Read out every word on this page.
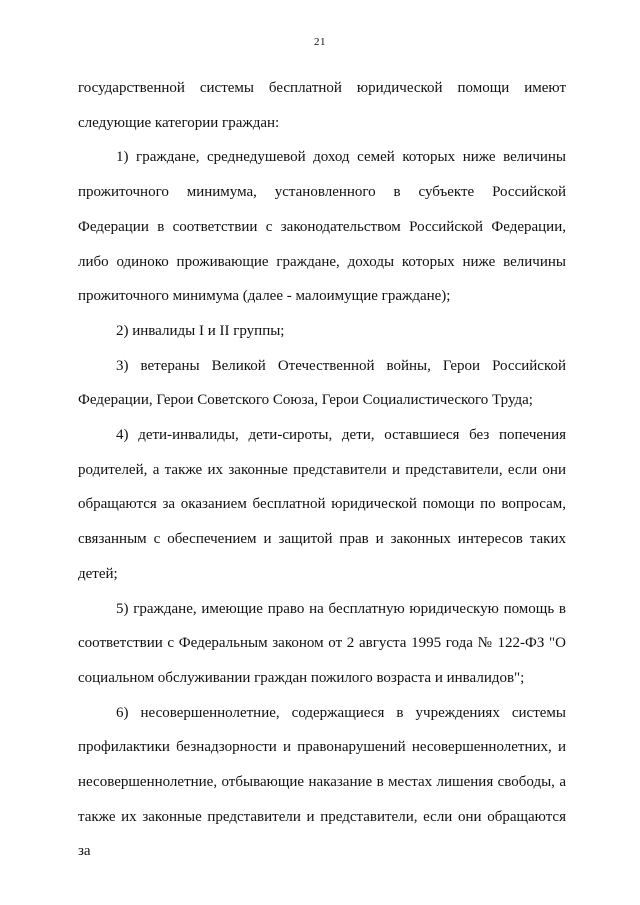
21

государственной системы бесплатной юридической помощи имеют следующие категории граждан:

1) граждане, среднедушевой доход семей которых ниже величины прожиточного минимума, установленного в субъекте Российской Федерации в соответствии с законодательством Российской Федерации, либо одиноко проживающие граждане, доходы которых ниже величины прожиточного минимума (далее - малоимущие граждане);

2) инвалиды I и II группы;

3) ветераны Великой Отечественной войны, Герои Российской Федерации, Герои Советского Союза, Герои Социалистического Труда;

4) дети-инвалиды, дети-сироты, дети, оставшиеся без попечения родителей, а также их законные представители и представители, если они обращаются за оказанием бесплатной юридической помощи по вопросам, связанным с обеспечением и защитой прав и законных интересов таких детей;

5) граждане, имеющие право на бесплатную юридическую помощь в соответствии с Федеральным законом от 2 августа 1995 года № 122-ФЗ "О социальном обслуживании граждан пожилого возраста и инвалидов";

6) несовершеннолетние, содержащиеся в учреждениях системы профилактики безнадзорности и правонарушений несовершеннолетних, и несовершеннолетние, отбывающие наказание в местах лишения свободы, а также их законные представители и представители, если они обращаются за
